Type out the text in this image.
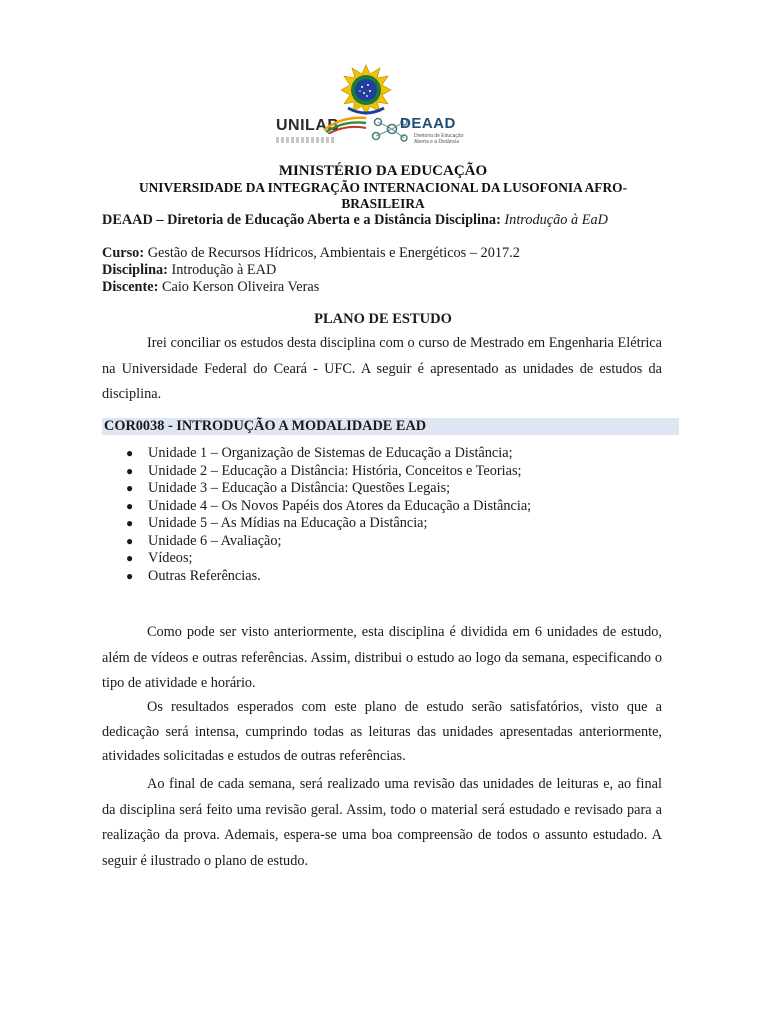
UNILAB	DEAAD
Diretoria de Educação
Aberta e a Distância
MINISTÉRIO DA EDUCAÇÃO
UNIVERSIDADE DA INTEGRAÇÃO INTERNACIONAL DA LUSOFONIA AFRO-
BRASILEIRA
DEAAD – Diretoria de Educação Aberta e a Distância Disciplina: Introdução à EaD
Curso: Gestão de Recursos Hídricos, Ambientais e Energéticos – 2017.2
Disciplina: Introdução à EAD
Discente: Caio Kerson Oliveira Veras
PLANO DE ESTUDO
Irei conciliar os estudos desta disciplina com o curso de Mestrado em Engenharia Elétrica na Universidade Federal do Ceará - UFC. A seguir é apresentado as unidades de estudos da disciplina.
COR0038 - INTRODUÇÃO A MODALIDADE EAD
● Unidade 1 – Organização de Sistemas de Educação a Distância;
● Unidade 2 – Educação a Distância: História, Conceitos e Teorias;
● Unidade 3 – Educação a Distância: Questões Legais;
● Unidade 4 – Os Novos Papéis dos Atores da Educação a Distância;
● Unidade 5 – As Mídias na Educação a Distância;
● Unidade 6 – Avaliação;
● Vídeos;
● Outras Referências.
Como pode ser visto anteriormente, esta disciplina é dividida em 6 unidades de estudo, além de vídeos e outras referências. Assim, distribui o estudo ao logo da semana, especificando o tipo de atividade e horário.
Os resultados esperados com este plano de estudo serão satisfatórios, visto que a dedicação será intensa, cumprindo todas as leituras das unidades apresentadas anteriormente, atividades solicitadas e estudos de outras referências.
Ao final de cada semana, será realizado uma revisão das unidades de leituras e, ao final da disciplina será feito uma revisão geral. Assim, todo o material será estudado e revisado para a realização da prova. Ademais, espera-se uma boa compreensão de todos o assunto estudado. A seguir é ilustrado o plano de estudo.
